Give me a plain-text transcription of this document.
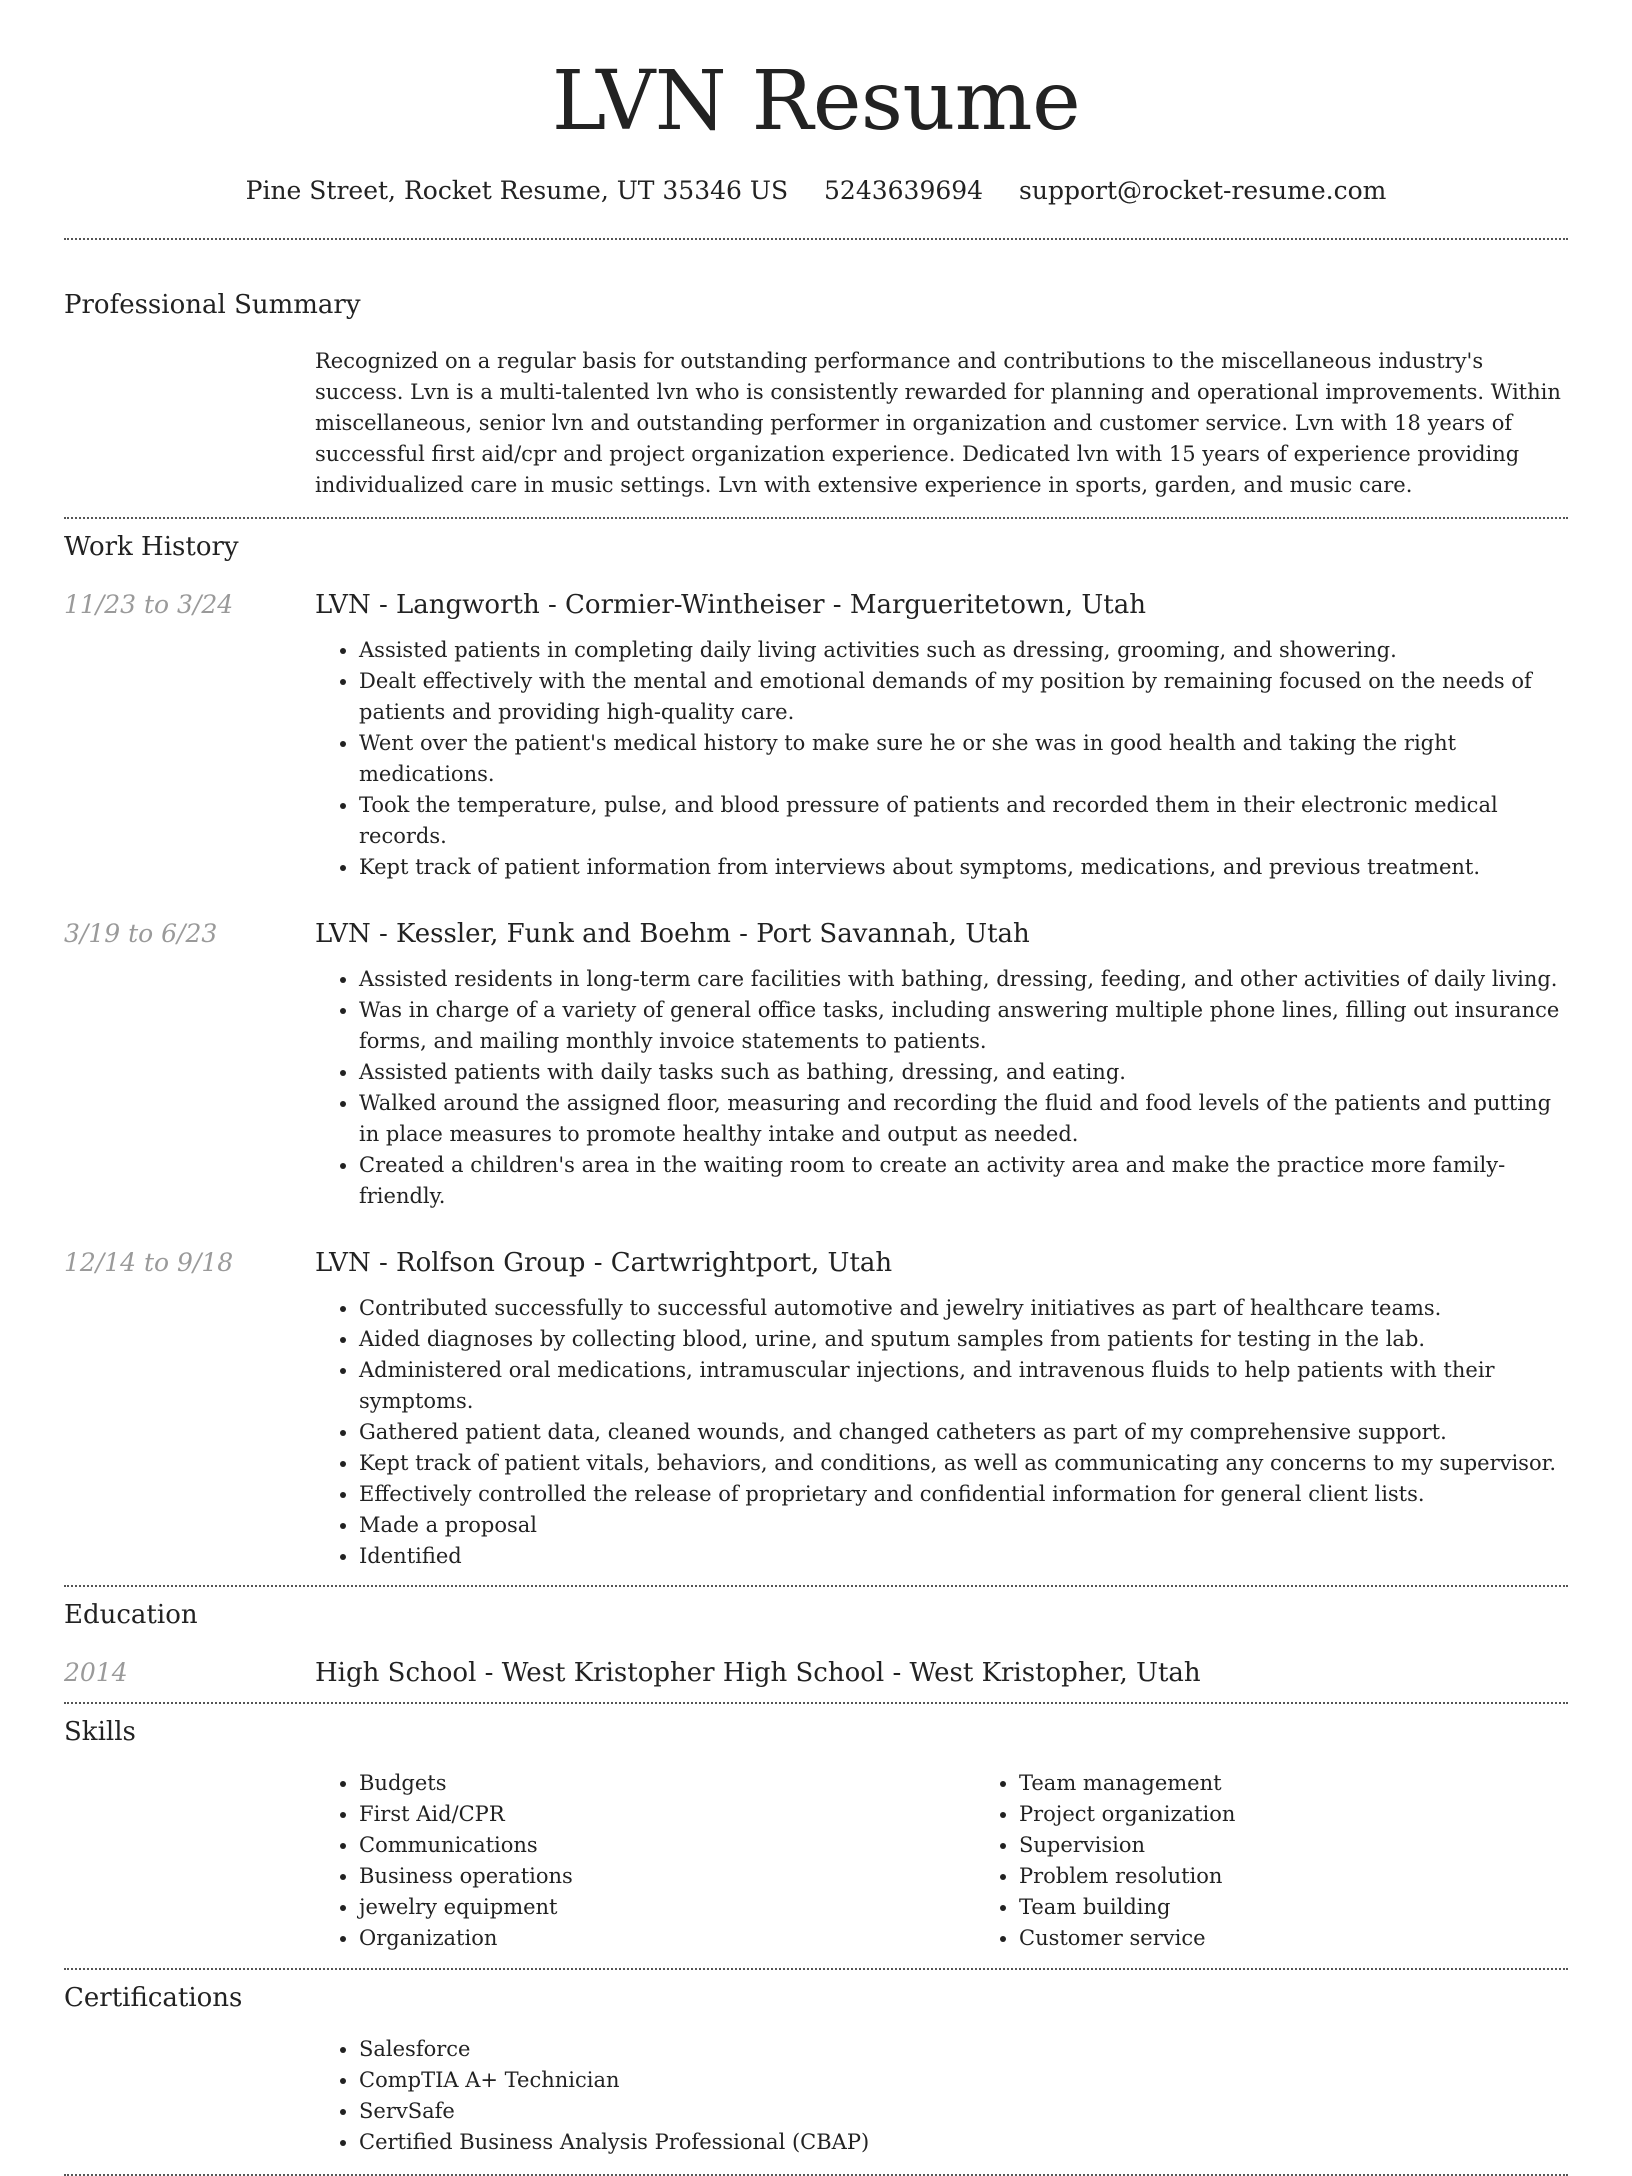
LVN Resume
Pine Street, Rocket Resume, UT 35346 US 5243639694 support@rocket-resume.com
Professional Summary

Recognized on a regular basis for outstanding performance and contributions to the miscellaneous industry's success. Lvn is a multi-talented lvn who is consistently rewarded for planning and operational improvements. Within miscellaneous, senior lvn and outstanding performer in organization and customer service. Lvn with 18 years of successful first aid/cpr and project organization experience. Dedicated lvn with 15 years of experience providing individualized care in music settings. Lvn with extensive experience in sports, garden, and music care.

Work History
11/23 to 3/24	LVN - Langworth - Cormier-Wintheiser - Margueritetown, Utah
• Assisted patients in completing daily living activities such as dressing, grooming, and showering.
• Dealt effectively with the mental and emotional demands of my position by remaining focused on the needs of patients and providing high-quality care.
• Went over the patient's medical history to make sure he or she was in good health and taking the right medications.
• Took the temperature, pulse, and blood pressure of patients and recorded them in their electronic medical records.
• Kept track of patient information from interviews about symptoms, medications, and previous treatment.
3/19 to 6/23	LVN - Kessler, Funk and Boehm - Port Savannah, Utah
• Assisted residents in long-term care facilities with bathing, dressing, feeding, and other activities of daily living.
• Was in charge of a variety of general office tasks, including answering multiple phone lines, filling out insurance forms, and mailing monthly invoice statements to patients.
• Assisted patients with daily tasks such as bathing, dressing, and eating.
• Walked around the assigned floor, measuring and recording the fluid and food levels of the patients and putting in place measures to promote healthy intake and output as needed.
• Created a children's area in the waiting room to create an activity area and make the practice more family-friendly.
12/14 to 9/18	LVN - Rolfson Group - Cartwrightport, Utah
• Contributed successfully to successful automotive and jewelry initiatives as part of healthcare teams.
• Aided diagnoses by collecting blood, urine, and sputum samples from patients for testing in the lab.
• Administered oral medications, intramuscular injections, and intravenous fluids to help patients with their symptoms.
• Gathered patient data, cleaned wounds, and changed catheters as part of my comprehensive support.
• Kept track of patient vitals, behaviors, and conditions, as well as communicating any concerns to my supervisor.
• Effectively controlled the release of proprietary and confidential information for general client lists.
• Made a proposal
• Identified
Education
2014	High School - West Kristopher High School - West Kristopher, Utah
Skills
• Budgets
• First Aid/CPR
• Communications
• Business operations
• jewelry equipment
• Organization
• Team management
• Project organization
• Supervision
• Problem resolution
• Team building
• Customer service
Certifications
• Salesforce
• CompTIA A+ Technician
• ServSafe
• Certified Business Analysis Professional (CBAP)
